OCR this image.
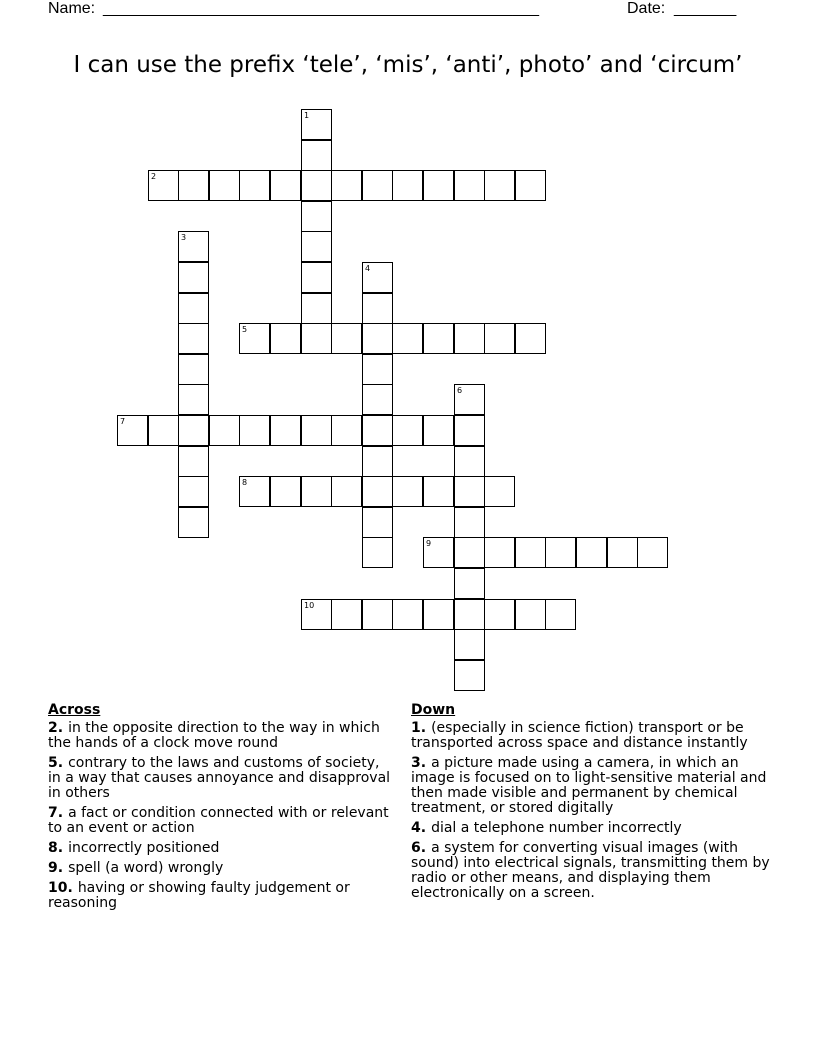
Name: _________________________________________________	Date: _______
I can use the prefix ‘tele’, ‘mis’, ‘anti’, photo’ and ‘circum’
1
2
3
4
5
6
7
8
9
10
Across
2. in the opposite direction to the way in which the hands of a clock move round
5. contrary to the laws and customs of society, in a way that causes annoyance and disapproval in others
7. a fact or condition connected with or relevant to an event or action
8. incorrectly positioned
9. spell (a word) wrongly
10. having or showing faulty judgement or reasoning
Down
1. (especially in science fiction) transport or be transported across space and distance instantly
3. a picture made using a camera, in which an image is focused on to light-sensitive material and then made visible and permanent by chemical treatment, or stored digitally
4. dial a telephone number incorrectly
6. a system for converting visual images (with sound) into electrical signals, transmitting them by radio or other means, and displaying them electronically on a screen.
